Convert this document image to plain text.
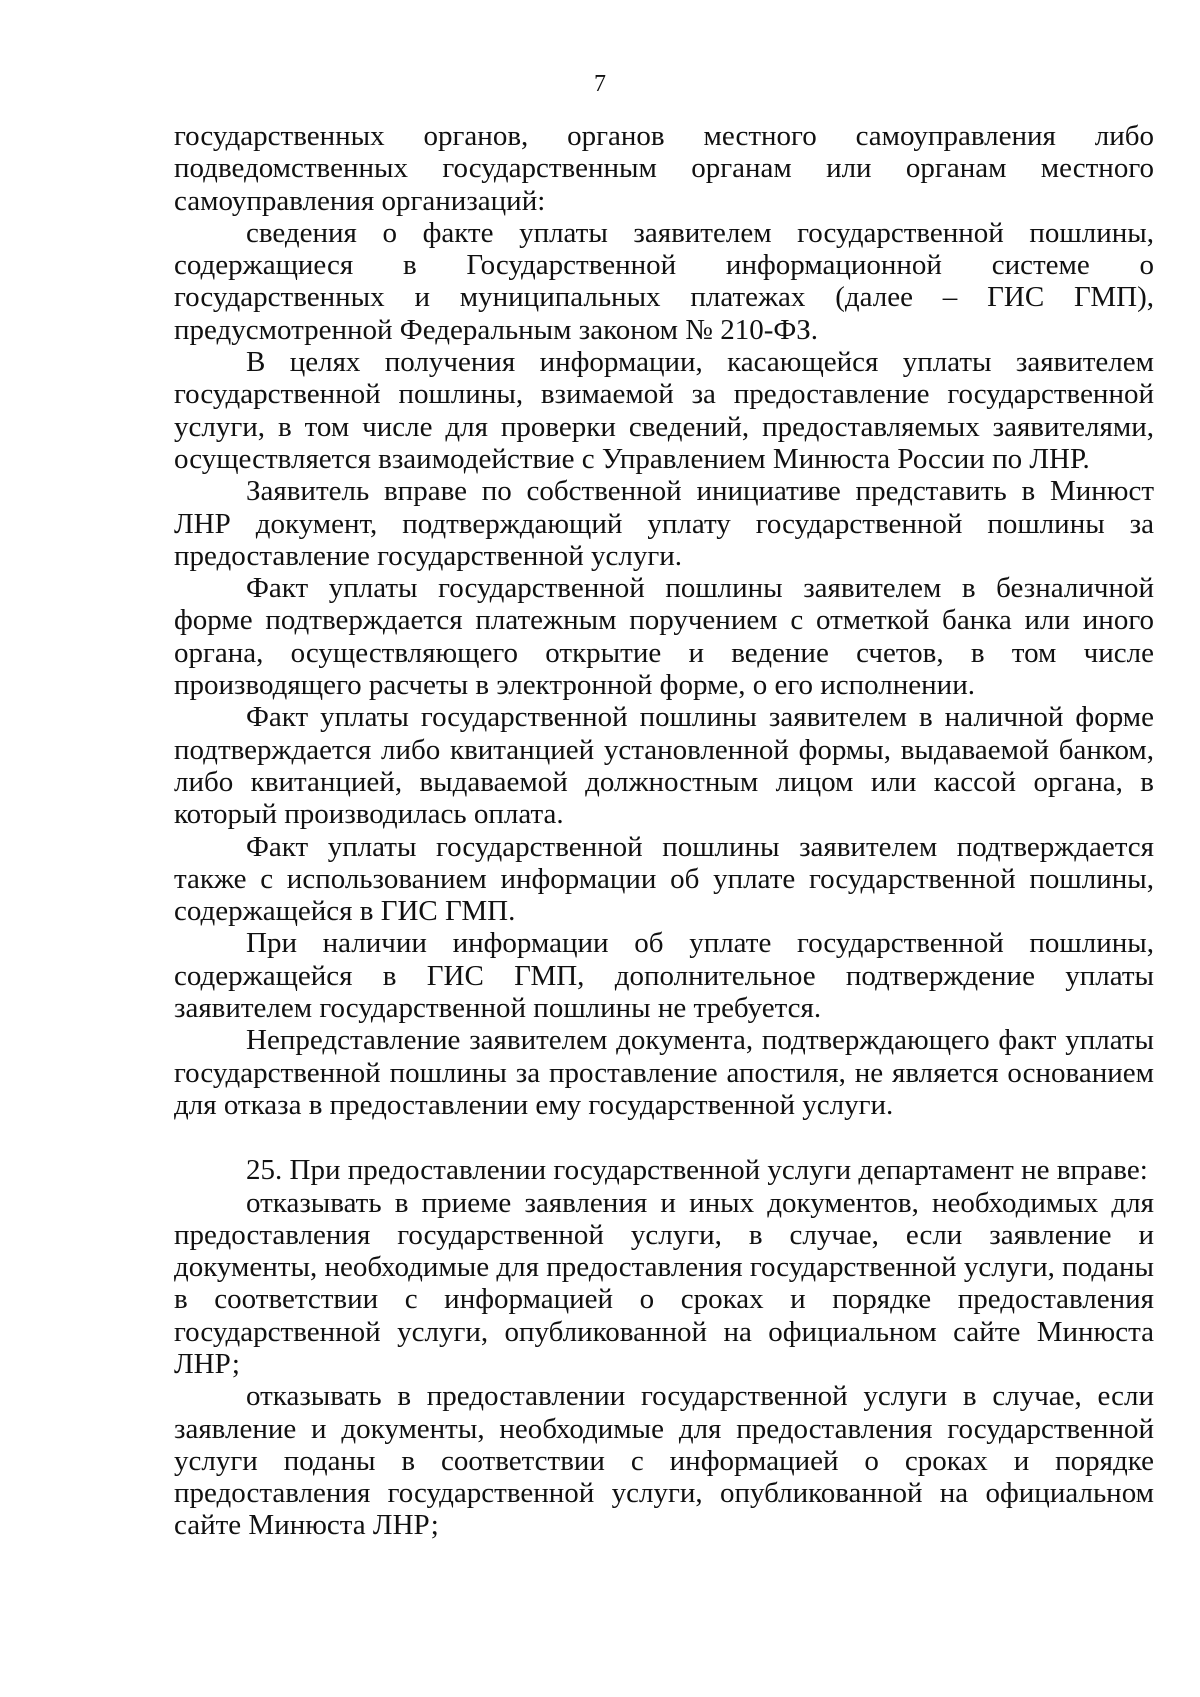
7

государственных органов, органов местного самоуправления либо подведомственных государственным органам или органам местного самоуправления организаций:

сведения о факте уплаты заявителем государственной пошлины, содержащиеся в Государственной информационной системе о государственных и муниципальных платежах (далее – ГИС ГМП), предусмотренной Федеральным законом № 210-ФЗ.

В целях получения информации, касающейся уплаты заявителем государственной пошлины, взимаемой за предоставление государственной услуги, в том числе для проверки сведений, предоставляемых заявителями, осуществляется взаимодействие с Управлением Минюста России по ЛНР.

Заявитель вправе по собственной инициативе представить в Минюст ЛНР документ, подтверждающий уплату государственной пошлины за предоставление государственной услуги.

Факт уплаты государственной пошлины заявителем в безналичной форме подтверждается платежным поручением с отметкой банка или иного органа, осуществляющего открытие и ведение счетов, в том числе производящего расчеты в электронной форме, о его исполнении.

Факт уплаты государственной пошлины заявителем в наличной форме подтверждается либо квитанцией установленной формы, выдаваемой банком, либо квитанцией, выдаваемой должностным лицом или кассой органа, в который производилась оплата.

Факт уплаты государственной пошлины заявителем подтверждается также с использованием информации об уплате государственной пошлины, содержащейся в ГИС ГМП.

При наличии информации об уплате государственной пошлины, содержащейся в ГИС ГМП, дополнительное подтверждение уплаты заявителем государственной пошлины не требуется.

Непредставление заявителем документа, подтверждающего факт уплаты государственной пошлины за проставление апостиля, не является основанием для отказа в предоставлении ему государственной услуги.

25. При предоставлении государственной услуги департамент не вправе:

отказывать в приеме заявления и иных документов, необходимых для предоставления государственной услуги, в случае, если заявление и документы, необходимые для предоставления государственной услуги, поданы в соответствии с информацией о сроках и порядке предоставления государственной услуги, опубликованной на официальном сайте Минюста ЛНР;

отказывать в предоставлении государственной услуги в случае, если заявление и документы, необходимые для предоставления государственной услуги поданы в соответствии с информацией о сроках и порядке предоставления государственной услуги, опубликованной на официальном сайте Минюста ЛНР;
